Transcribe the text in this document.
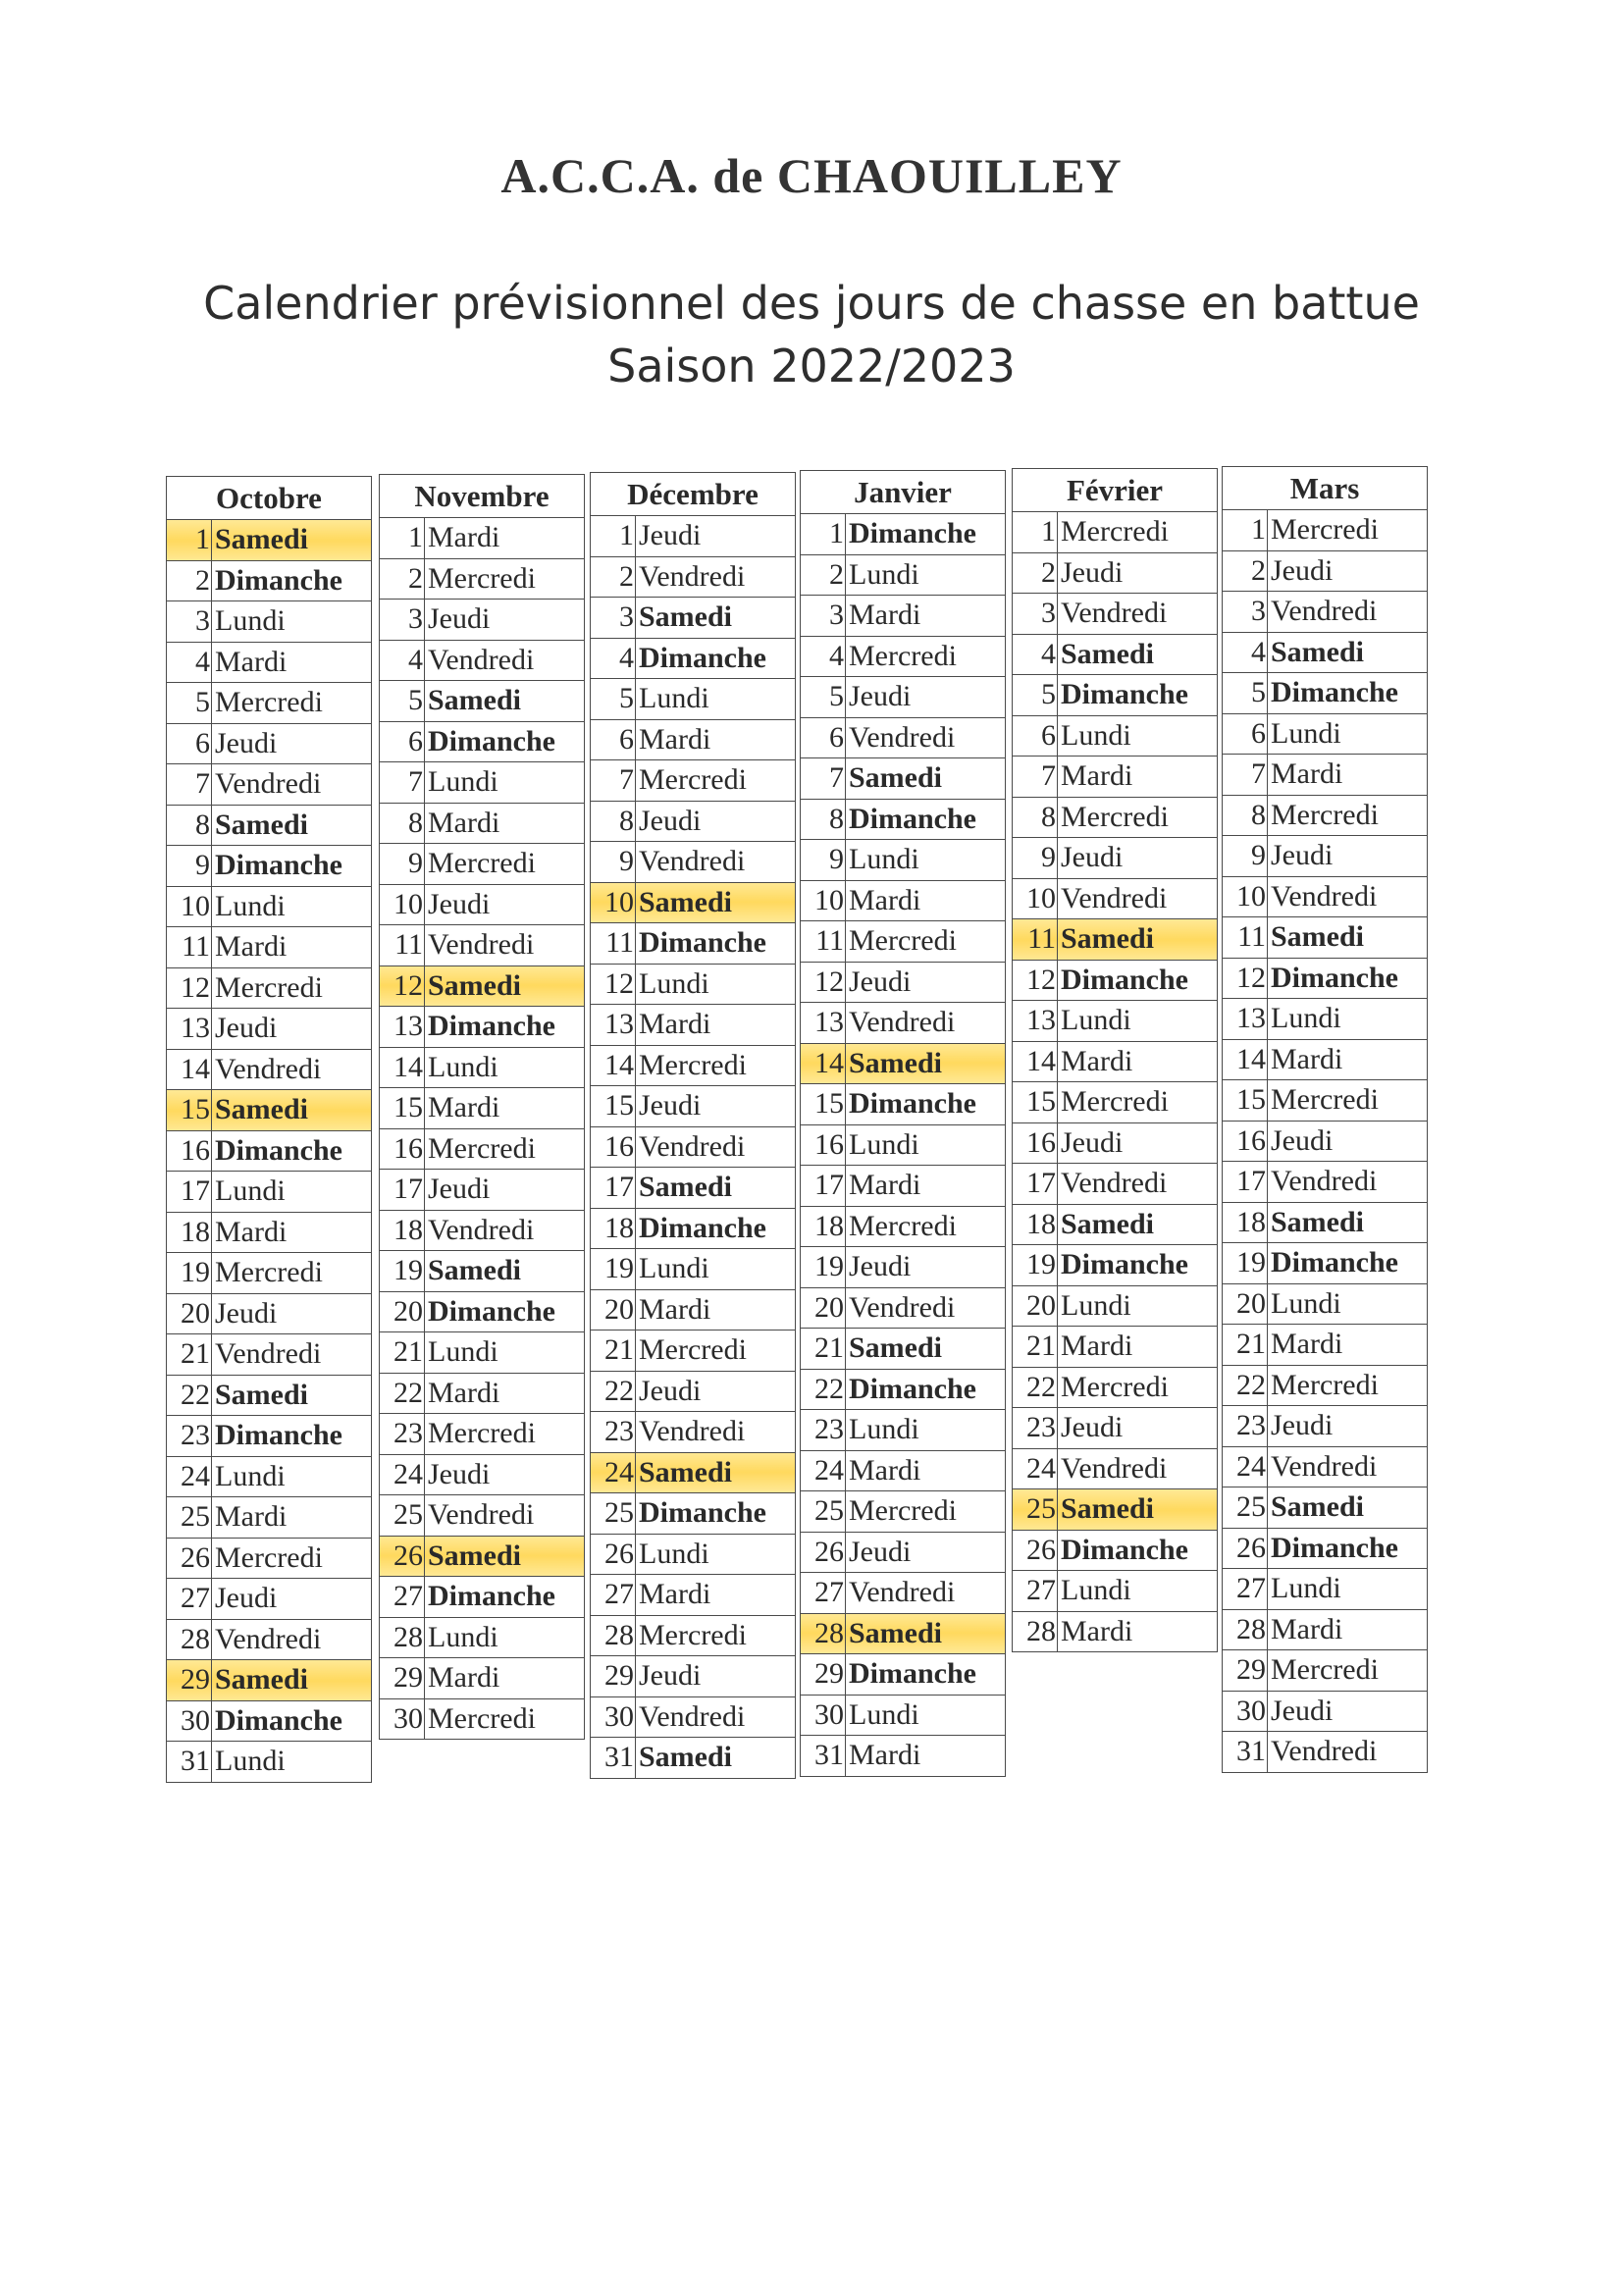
A.C.C.A. de CHAOUILLEY
Calendrier prévisionnel des jours de chasse en battue
Saison 2022/2023
Octobre	
1	Samedi
2	Dimanche
3	Lundi
4	Mardi
5	Mercredi
6	Jeudi
7	Vendredi
8	Samedi
9	Dimanche
10	Lundi
11	Mardi
12	Mercredi
13	Jeudi
14	Vendredi
15	Samedi
16	Dimanche
17	Lundi
18	Mardi
19	Mercredi
20	Jeudi
21	Vendredi
22	Samedi
23	Dimanche
24	Lundi
25	Mardi
26	Mercredi
27	Jeudi
28	Vendredi
29	Samedi
30	Dimanche
31	Lundi
Novembre	
1	Mardi
2	Mercredi
3	Jeudi
4	Vendredi
5	Samedi
6	Dimanche
7	Lundi
8	Mardi
9	Mercredi
10	Jeudi
11	Vendredi
12	Samedi
13	Dimanche
14	Lundi
15	Mardi
16	Mercredi
17	Jeudi
18	Vendredi
19	Samedi
20	Dimanche
21	Lundi
22	Mardi
23	Mercredi
24	Jeudi
25	Vendredi
26	Samedi
27	Dimanche
28	Lundi
29	Mardi
30	Mercredi
Décembre	
1	Jeudi
2	Vendredi
3	Samedi
4	Dimanche
5	Lundi
6	Mardi
7	Mercredi
8	Jeudi
9	Vendredi
10	Samedi
11	Dimanche
12	Lundi
13	Mardi
14	Mercredi
15	Jeudi
16	Vendredi
17	Samedi
18	Dimanche
19	Lundi
20	Mardi
21	Mercredi
22	Jeudi
23	Vendredi
24	Samedi
25	Dimanche
26	Lundi
27	Mardi
28	Mercredi
29	Jeudi
30	Vendredi
31	Samedi
Janvier	
1	Dimanche
2	Lundi
3	Mardi
4	Mercredi
5	Jeudi
6	Vendredi
7	Samedi
8	Dimanche
9	Lundi
10	Mardi
11	Mercredi
12	Jeudi
13	Vendredi
14	Samedi
15	Dimanche
16	Lundi
17	Mardi
18	Mercredi
19	Jeudi
20	Vendredi
21	Samedi
22	Dimanche
23	Lundi
24	Mardi
25	Mercredi
26	Jeudi
27	Vendredi
28	Samedi
29	Dimanche
30	Lundi
31	Mardi
Février	
1	Mercredi
2	Jeudi
3	Vendredi
4	Samedi
5	Dimanche
6	Lundi
7	Mardi
8	Mercredi
9	Jeudi
10	Vendredi
11	Samedi
12	Dimanche
13	Lundi
14	Mardi
15	Mercredi
16	Jeudi
17	Vendredi
18	Samedi
19	Dimanche
20	Lundi
21	Mardi
22	Mercredi
23	Jeudi
24	Vendredi
25	Samedi
26	Dimanche
27	Lundi
28	Mardi
Mars	
1	Mercredi
2	Jeudi
3	Vendredi
4	Samedi
5	Dimanche
6	Lundi
7	Mardi
8	Mercredi
9	Jeudi
10	Vendredi
11	Samedi
12	Dimanche
13	Lundi
14	Mardi
15	Mercredi
16	Jeudi
17	Vendredi
18	Samedi
19	Dimanche
20	Lundi
21	Mardi
22	Mercredi
23	Jeudi
24	Vendredi
25	Samedi
26	Dimanche
27	Lundi
28	Mardi
29	Mercredi
30	Jeudi
31	Vendredi
